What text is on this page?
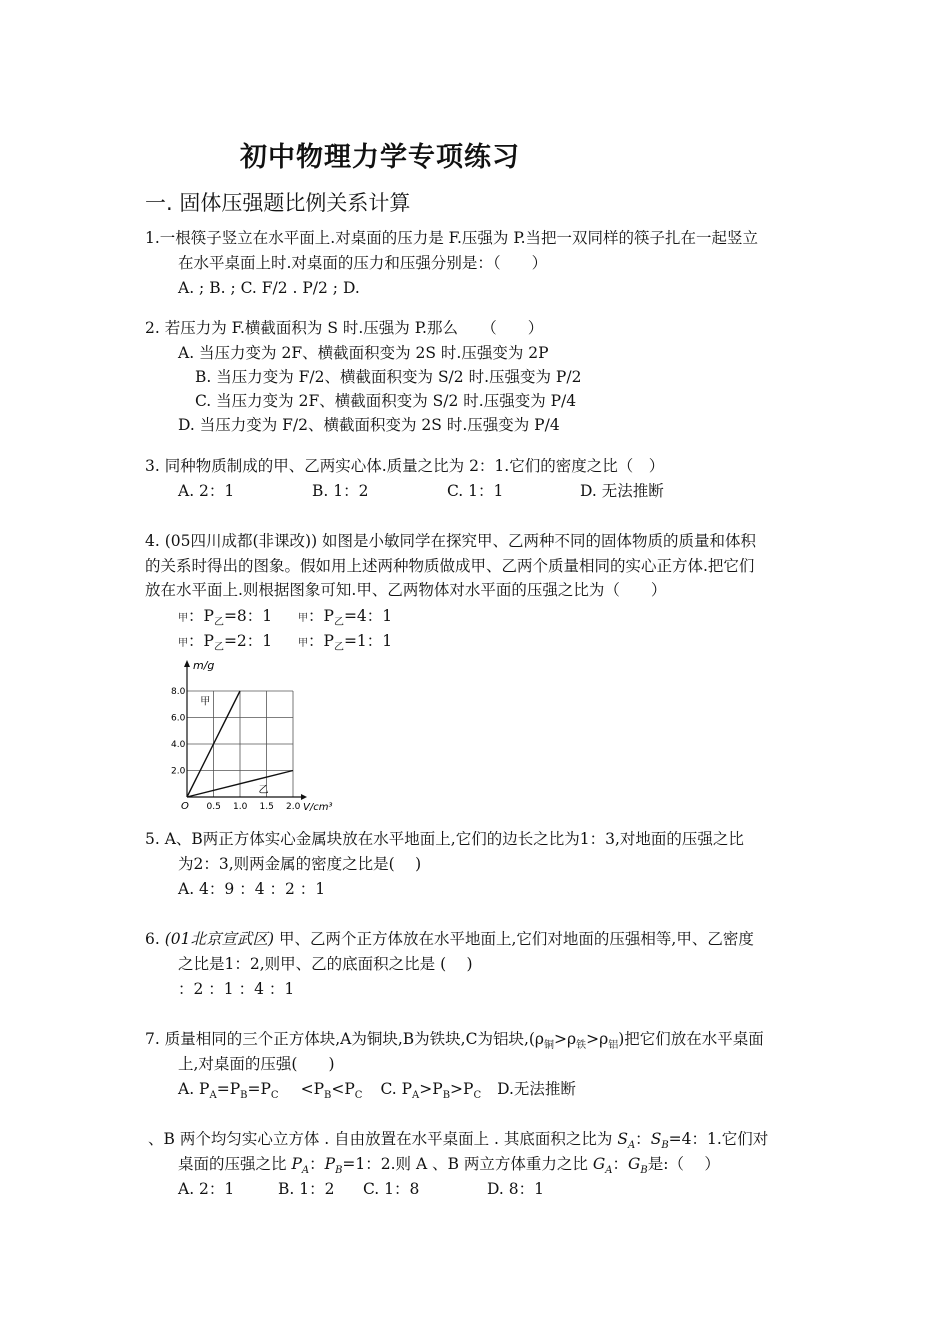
初中物理力学专项练习
一. 固体压强题比例关系计算
1.一根筷子竖立在水平面上.对桌面的压力是 F.压强为 P.当把一双同样的筷子扎在一起竖立
在水平桌面上时.对桌面的压力和压强分别是：（　　）
A. ; B. ; C. F/2 . P/2 ; D.
2. 若压力为 F.横截面积为 S 时.压强为 P.那么　　（　　）
A. 当压力变为 2F、横截面积变为 2S 时.压强变为 2P
B. 当压力变为 F/2、横截面积变为 S/2 时.压强变为 P/2
C. 当压力变为 2F、横截面积变为 S/2 时.压强变为 P/4
D. 当压力变为 F/2、横截面积变为 2S 时.压强变为 P/4
3. 同种物质制成的甲、乙两实心体.质量之比为 2：1.它们的密度之比（　）
A. 2：1	B. 1：2	C. 1：1	D. 无法推断
4. (05四川成都(非课改)) 如图是小敏同学在探究甲、乙两种不同的固体物质的质量和体积
的关系时得出的图象。假如用上述两种物质做成甲、乙两个质量相同的实心正方体.把它们
放在水平面上.则根据图象可知.甲、乙两物体对水平面的压强之比为（　　）
甲：$P_乙=8$：1	甲：$P_乙=4$：1
甲：$P_乙=2$：1	甲：$P_乙=1$：1
m/g
V/cm³
O 0.5 1.0 1.5 2.0
2.0
4.0
6.0
8.0
甲
乙
5. A、B两正方体实心金属块放在水平地面上,它们的边长之比为1：3,对地面的压强之比
为2：3,则两金属的密度之比是(　 )
A. 4：9 ：4 ：2 ：1
6. (01北京宣武区) 甲、乙两个正方体放在水平地面上,它们对地面的压强相等,甲、乙密度
之比是1：2,则甲、乙的底面积之比是 (　 )
：2 ：1 ：4 ：1
7. 质量相同的三个正方体块,A为铜块,B为铁块,C为铝块$,(\rho_铜>\rho_铁>\rho_铝)$把它们放在水平桌面
上,对桌面的压强(　　)
A. $P_A=P_B=P_C <P_B<P_C$ C. $P_A>P_B>P_C$ D.无法推断
、B 两个均匀实心立方体 . 自由放置在水平桌面上 . 其底面积之比为 $S_A$：$S_B=4$：1.它们对
桌面的压强之比 $P_A$：$P_B=1$：2.则 A 、B 两立方体重力之比 $G_A$：$G_B$是:（　 ）
A. 2：1	B. 1：2 C. 1：8	D. 8：1
